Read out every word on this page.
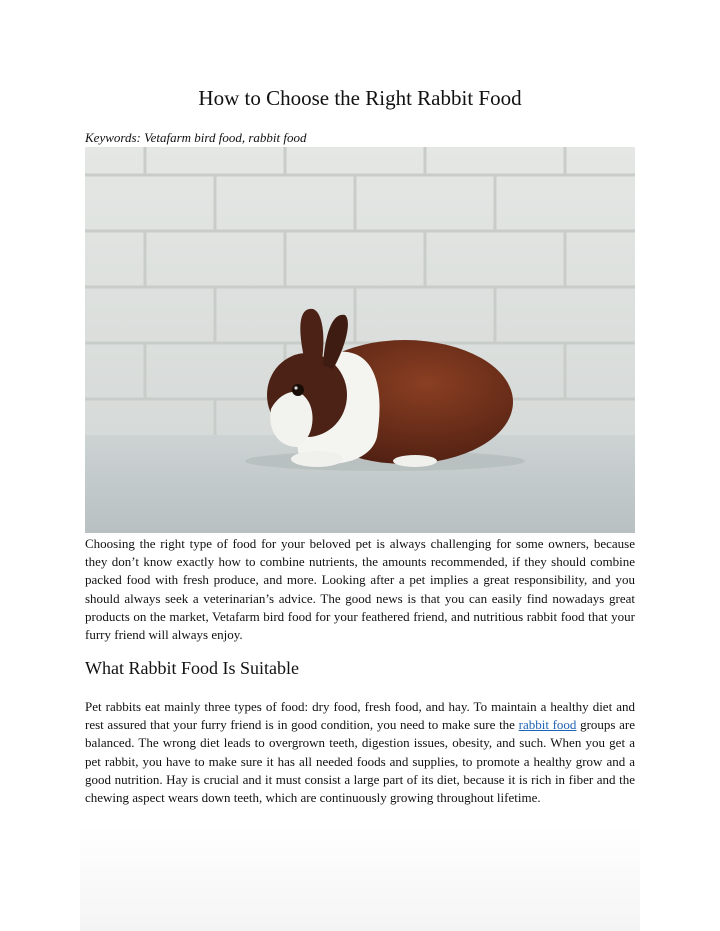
How to Choose the Right Rabbit Food
Keywords: Vetafarm bird food, rabbit food

Choosing the right type of food for your beloved pet is always challenging for some owners, because they don’t know exactly how to combine nutrients, the amounts recommended, if they should combine packed food with fresh produce, and more. Looking after a pet implies a great responsibility, and you should always seek a veterinarian’s advice. The good news is that you can easily find nowadays great products on the market, Vetafarm bird food for your feathered friend, and nutritious rabbit food that your furry friend will always enjoy.

What Rabbit Food Is Suitable

Pet rabbits eat mainly three types of food: dry food, fresh food, and hay. To maintain a healthy diet and rest assured that your furry friend is in good condition, you need to make sure the rabbit food groups are balanced. The wrong diet leads to overgrown teeth, digestion issues, obesity, and such. When you get a pet rabbit, you have to make sure it has all needed foods and supplies, to promote a healthy grow and a good nutrition. Hay is crucial and it must consist a large part of its diet, because it is rich in fiber and the chewing aspect wears down teeth, which are continuously growing throughout lifetime.
